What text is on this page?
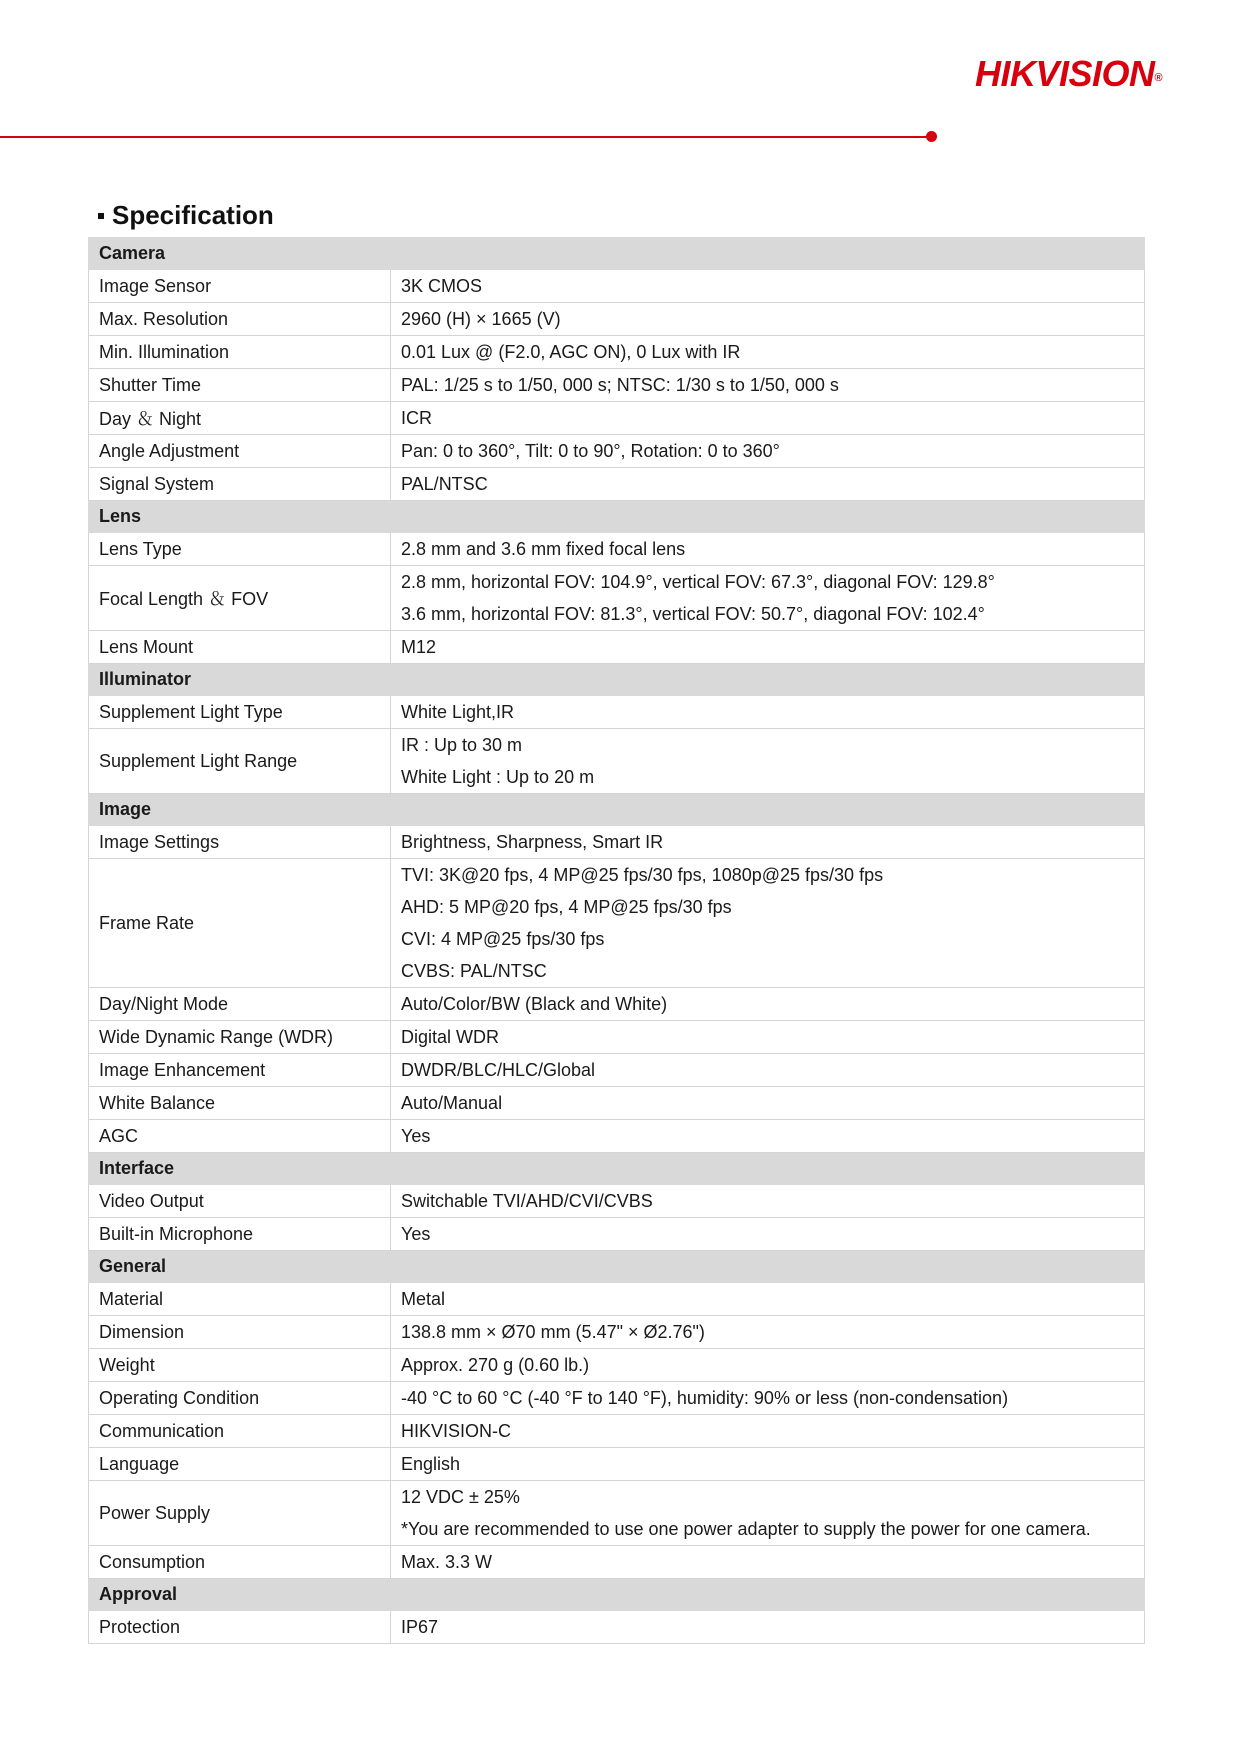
HIKVISION®
Specification
Camera	
Image Sensor	3K CMOS

Max. Resolution	2960 (H) × 1665 (V)

Min. Illumination	0.01 Lux @ (F2.0, AGC ON), 0 Lux with IR

Shutter Time	PAL: 1/25 s to 1/50, 000 s; NTSC: 1/30 s to 1/50, 000 s

Day ＆ Night	ICR

Angle Adjustment	Pan: 0 to 360°, Tilt: 0 to 90°, Rotation: 0 to 360°

Signal System	PAL/NTSC

Lens	
Lens Type	2.8 mm and 3.6 mm fixed focal lens

Focal Length ＆ FOV	2.8 mm, horizontal FOV: 104.9°, vertical FOV: 67.3°, diagonal FOV: 129.8°
3.6 mm, horizontal FOV: 81.3°, vertical FOV: 50.7°, diagonal FOV: 102.4°

Lens Mount	M12

Illuminator	
Supplement Light Type	White Light,IR

Supplement Light Range	IR : Up to 30 m
White Light : Up to 20 m

Image	
Image Settings	Brightness, Sharpness, Smart IR

Frame Rate	TVI: 3K@20 fps, 4 MP@25 fps/30 fps, 1080p@25 fps/30 fps
AHD: 5 MP@20 fps, 4 MP@25 fps/30 fps
CVI: 4 MP@25 fps/30 fps
CVBS: PAL/NTSC

Day/Night Mode	Auto/Color/BW (Black and White)

Wide Dynamic Range (WDR)	Digital WDR

Image Enhancement	DWDR/BLC/HLC/Global

White Balance	Auto/Manual

AGC	Yes

Interface	
Video Output	Switchable TVI/AHD/CVI/CVBS

Built-in Microphone	Yes

General	
Material	Metal

Dimension	138.8 mm × Ø70 mm (5.47" × Ø2.76")

Weight	Approx. 270 g (0.60 lb.)

Operating Condition	-40 °C to 60 °C (-40 °F to 140 °F), humidity: 90% or less (non-condensation)

Communication	HIKVISION-C

Language	English

Power Supply	12 VDC ± 25%
*You are recommended to use one power adapter to supply the power for one camera.

Consumption	Max. 3.3 W

Approval	
Protection	IP67
